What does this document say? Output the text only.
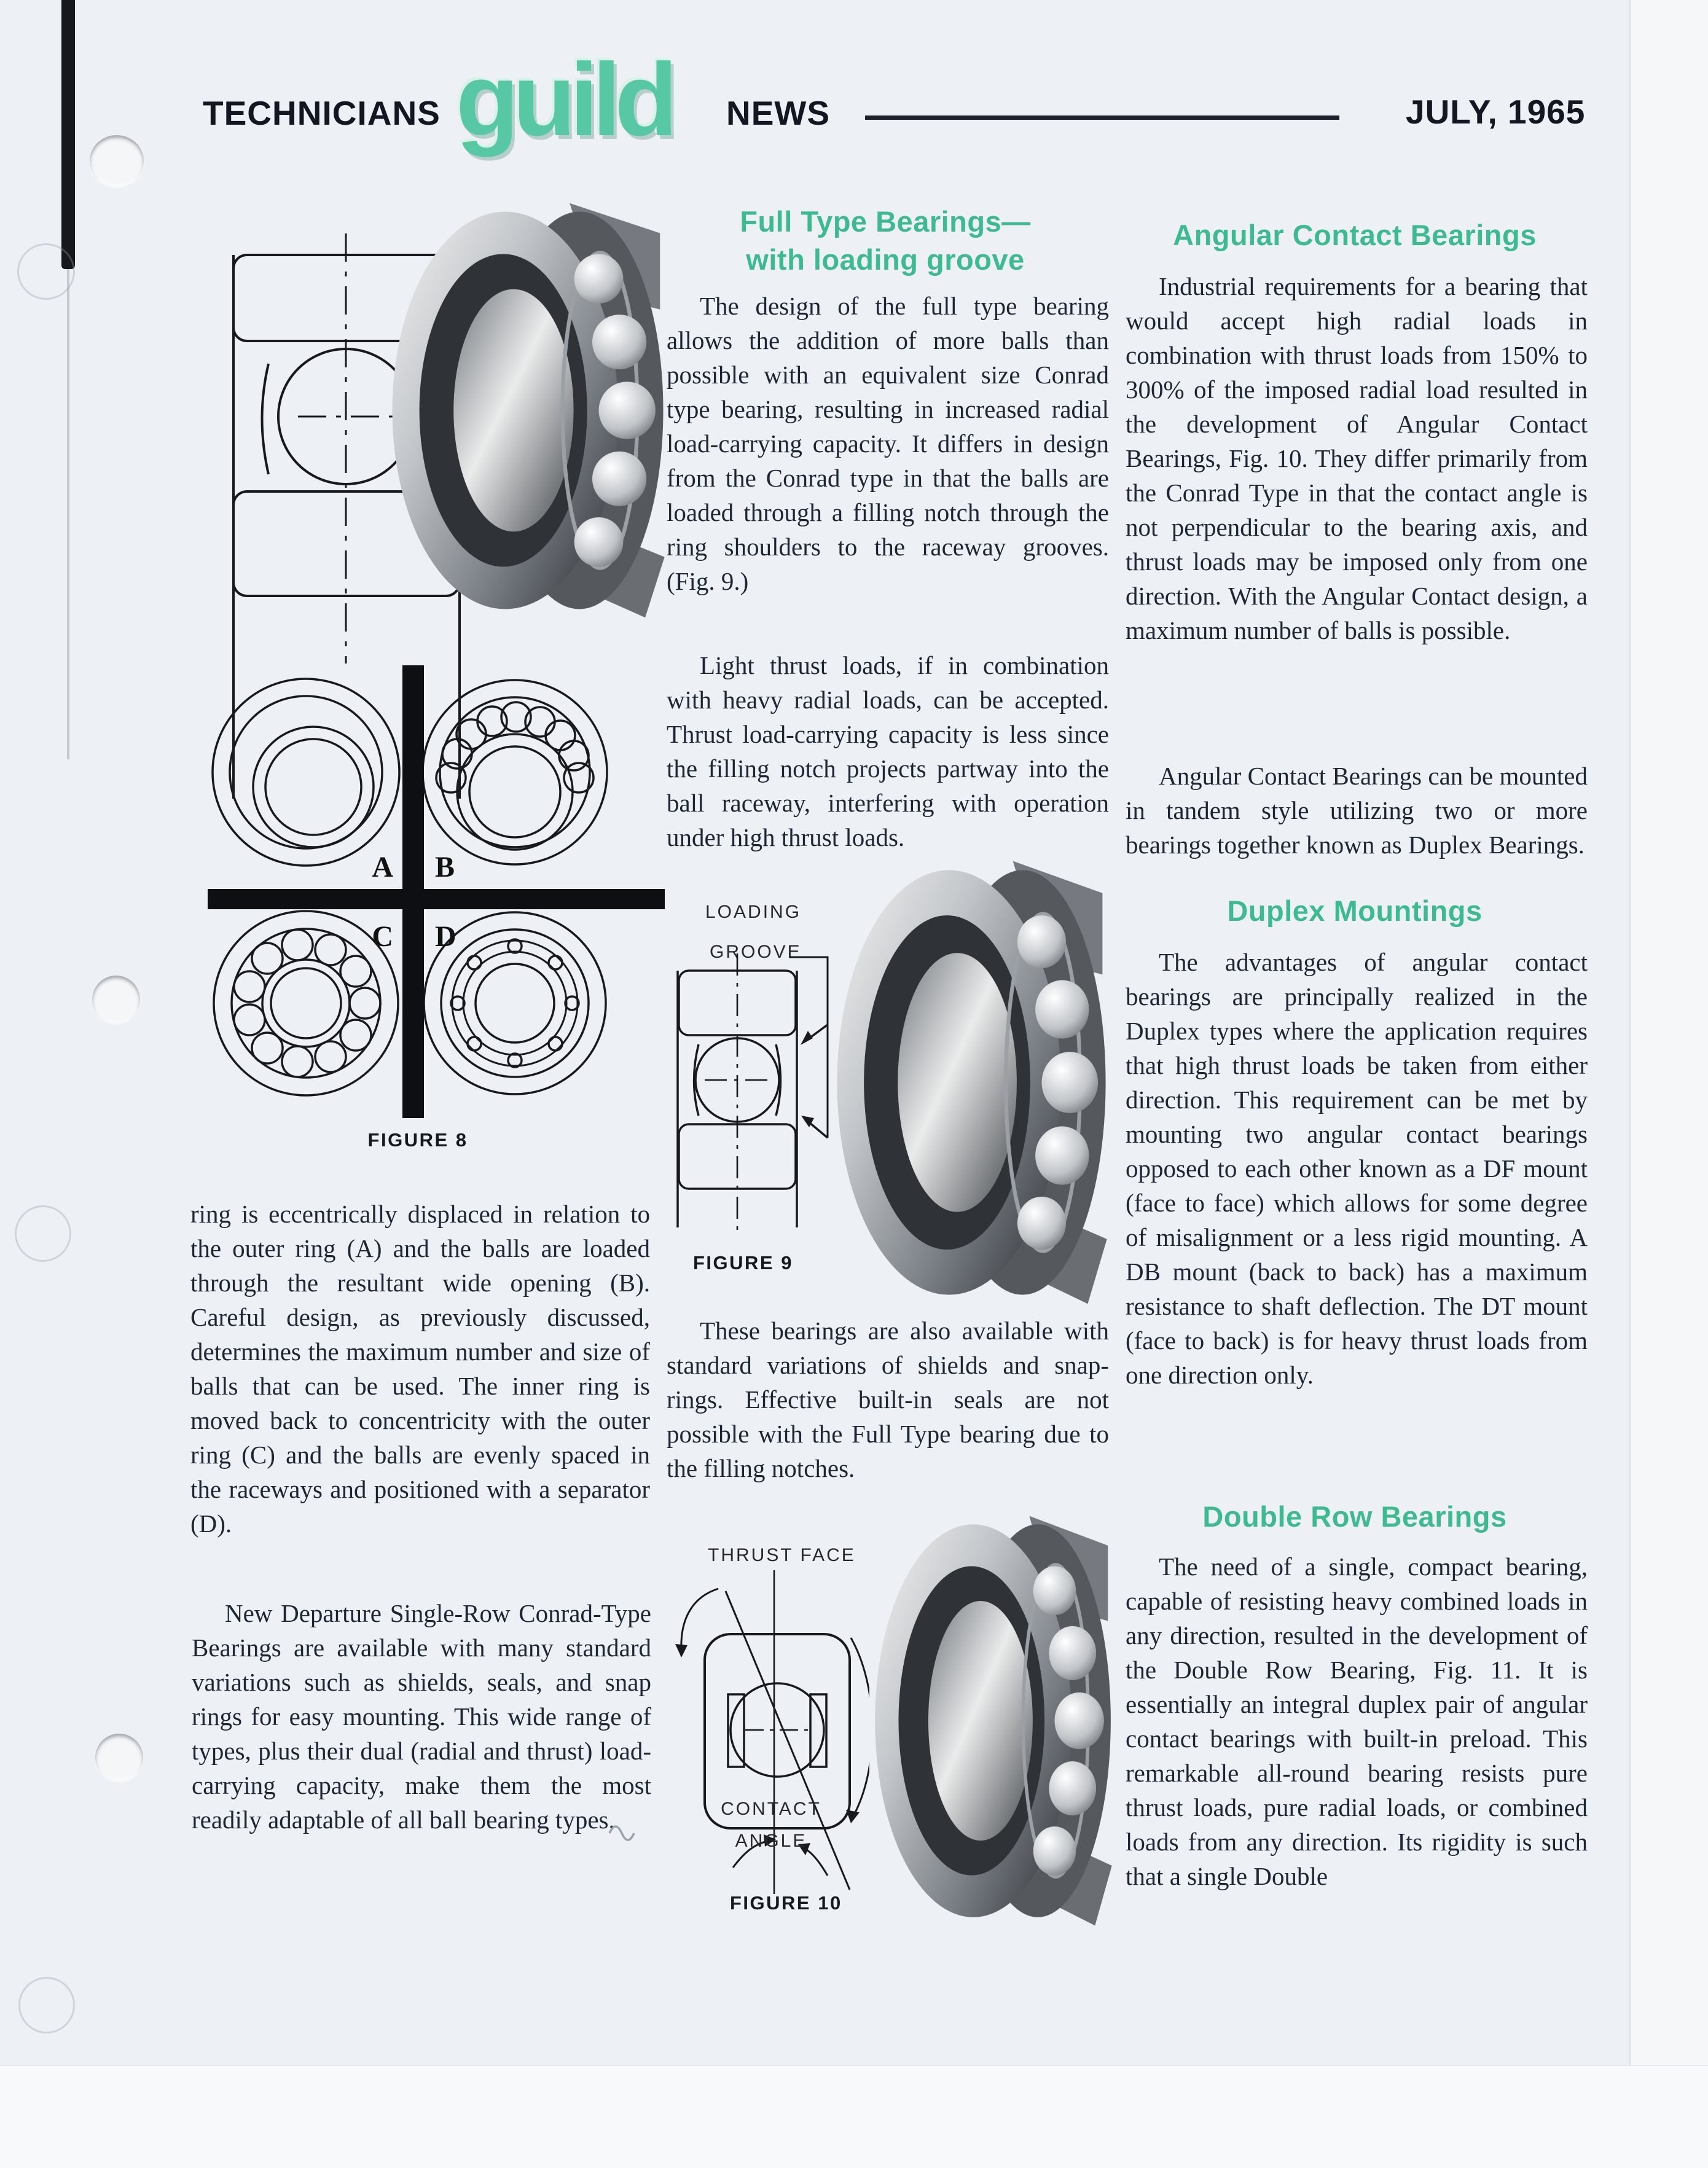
TECHNICIANS guild NEWS	JULY, 1965
A B
C D
FIGURE 8
ring is eccentrically displaced in relation to the outer ring (A) and the balls are loaded through the resultant wide opening (B). Careful design, as previously discussed, determines the maximum number and size of balls that can be used. The inner ring is moved back to concentricity with the outer ring (C) and the balls are evenly spaced in the raceways and positioned with a separator (D).
New Departure Single-Row Conrad-Type Bearings are available with many standard variations such as shields, seals, and snap rings for easy mounting. This wide range of types, plus their dual (radial and thrust) load-carrying capacity, make them the most readily adaptable of all ball bearing types.
Full Type Bearings—
with loading groove
The design of the full type bearing allows the addition of more balls than possible with an equivalent size Conrad type bearing, resulting in increased radial load-carrying capacity. It differs in design from the Conrad type in that the balls are loaded through a filling notch through the ring shoulders to the raceway grooves. (Fig. 9.)
Light thrust loads, if in combination with heavy radial loads, can be accepted. Thrust load-carrying capacity is less since the filling notch projects partway into the ball raceway, interfering with operation under high thrust loads.
LOADING
GROOVE
FIGURE 9
These bearings are also available with standard variations of shields and snap-rings. Effective built-in seals are not possible with the Full Type bearing due to the filling notches.
THRUST FACE
CONTACT
ANGLE
FIGURE 10
Angular Contact Bearings
Industrial requirements for a bearing that would accept high radial loads in combination with thrust loads from 150% to 300% of the imposed radial load resulted in the development of Angular Contact Bearings, Fig. 10. They differ primarily from the Conrad Type in that the contact angle is not perpendicular to the bearing axis, and thrust loads may be imposed only from one direction. With the Angular Contact design, a maximum number of balls is possible.
Angular Contact Bearings can be mounted in tandem style utilizing two or more bearings together known as Duplex Bearings.
Duplex Mountings
The advantages of angular contact bearings are principally realized in the Duplex types where the application requires that high thrust loads be taken from either direction. This requirement can be met by mounting two angular contact bearings opposed to each other known as a DF mount (face to face) which allows for some degree of misalignment or a less rigid mounting. A DB mount (back to back) has a maximum resistance to shaft deflection. The DT mount (face to back) is for heavy thrust loads from one direction only.
Double Row Bearings
The need of a single, compact bearing, capable of resisting heavy combined loads in any direction, resulted in the development of the Double Row Bearing, Fig. 11. It is essentially an integral duplex pair of angular contact bearings with built-in preload. This remarkable all-round bearing resists pure thrust loads, pure radial loads, or combined loads from any direction. Its rigidity is such that a single Double
